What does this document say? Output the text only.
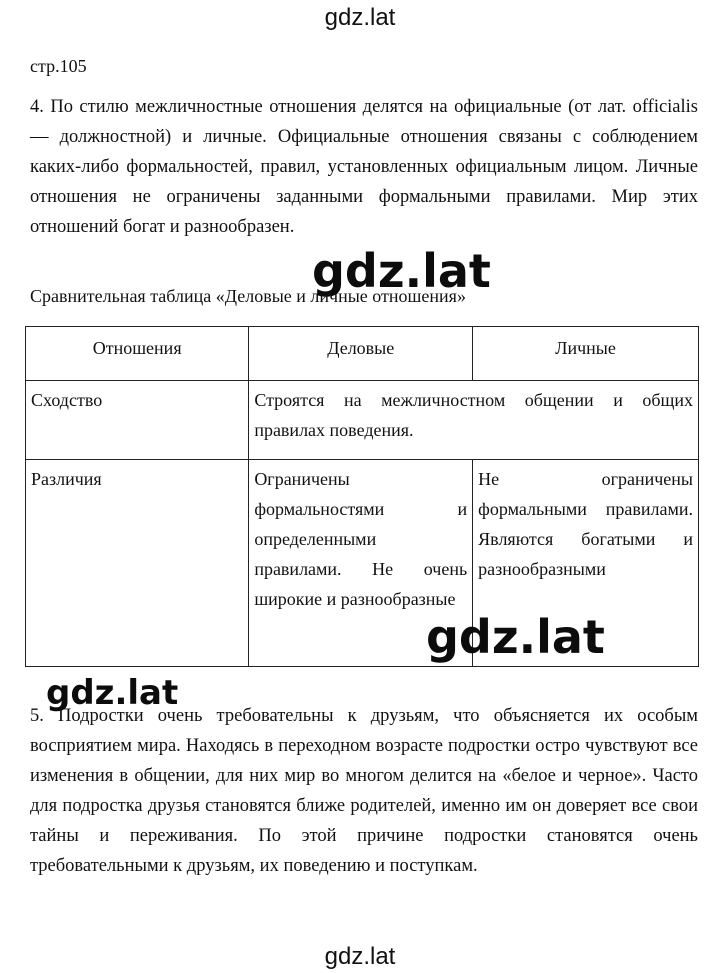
gdz.lat
стр.105
4. По стилю межличностные отношения делятся на официальные (от лат. officialis — должностной) и личные. Официальные отношения связаны с соблюдением каких-либо формальностей, правил, установленных официальным лицом. Личные отношения не ограничены заданными формальными правилами. Мир этих отношений богат и разнообразен.
Сравнительная таблица «Деловые и личные отношения»
Отношения	Деловые	Личные
Сходство	Строятся на межличностном общении и общих правилах поведения.	
Различия	Ограничены формальностями и определенными правилами. Не очень широкие и разнообразные	Не ограничены формальными правилами. Являются богатыми и разнообразными
5. Подростки очень требовательны к друзьям, что объясняется их особым восприятием мира. Находясь в переходном возрасте подростки остро чувствуют все изменения в общении, для них мир во многом делится на «белое и черное». Часто для подростка друзья становятся ближе родителей, именно им он доверяет все свои тайны и переживания. По этой причине подростки становятся очень требовательными к друзьям, их поведению и поступкам.
gdz.lat
gdz.lat
gdz.lat
gdz.lat
